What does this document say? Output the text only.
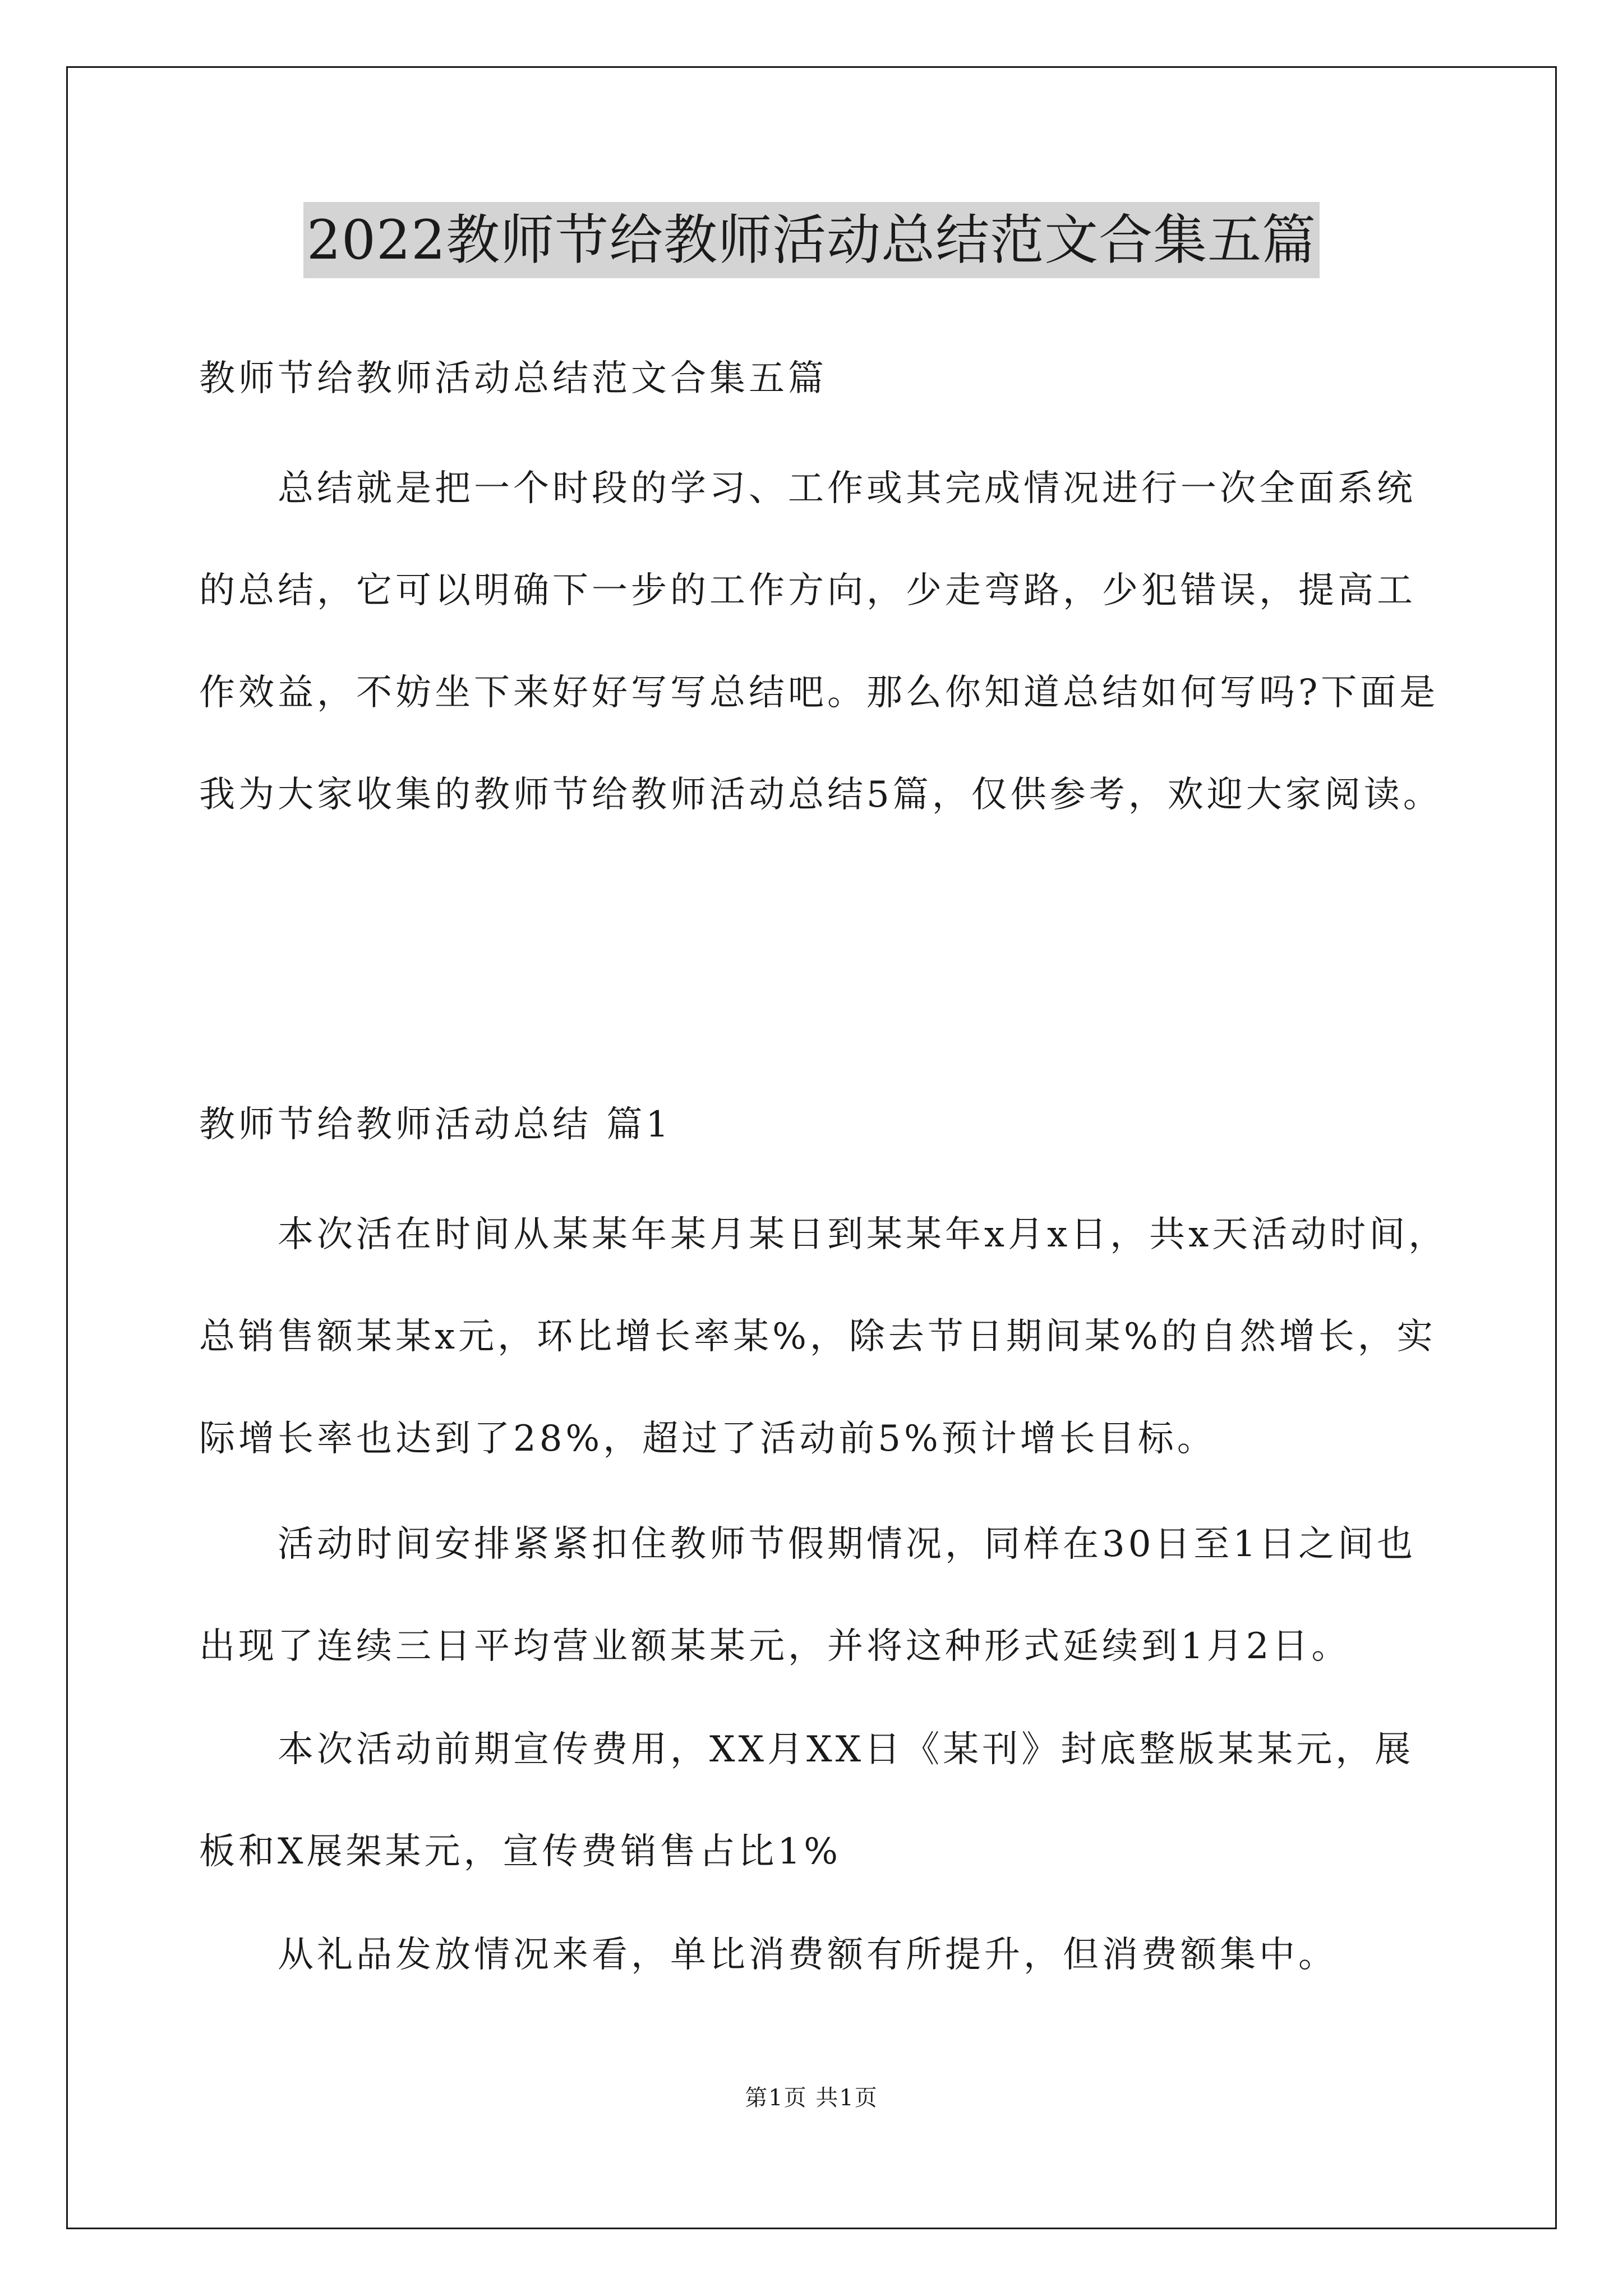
2022教师节给教师活动总结范文合集五篇
教师节给教师活动总结范文合集五篇

总结就是把一个时段的学习、工作或其完成情况进行一次全面系统的总结，它可以明确下一步的工作方向，少走弯路，少犯错误，提高工作效益，不妨坐下来好好写写总结吧。那么你知道总结如何写吗?下面是我为大家收集的教师节给教师活动总结5篇，仅供参考，欢迎大家阅读。

教师节给教师活动总结 篇1

本次活在时间从某某年某月某日到某某年x月x日，共x天活动时间，总销售额某某x元，环比增长率某%，除去节日期间某%的自然增长，实际增长率也达到了28%，超过了活动前5%预计增长目标。

活动时间安排紧紧扣住教师节假期情况，同样在30日至1日之间也出现了连续三日平均营业额某某元，并将这种形式延续到1月2日。

本次活动前期宣传费用，XX月XX日《某刊》封底整版某某元，展板和X展架某元，宣传费销售占比1%

从礼品发放情况来看，单比消费额有所提升，但消费额集中。

第1页 共1页
